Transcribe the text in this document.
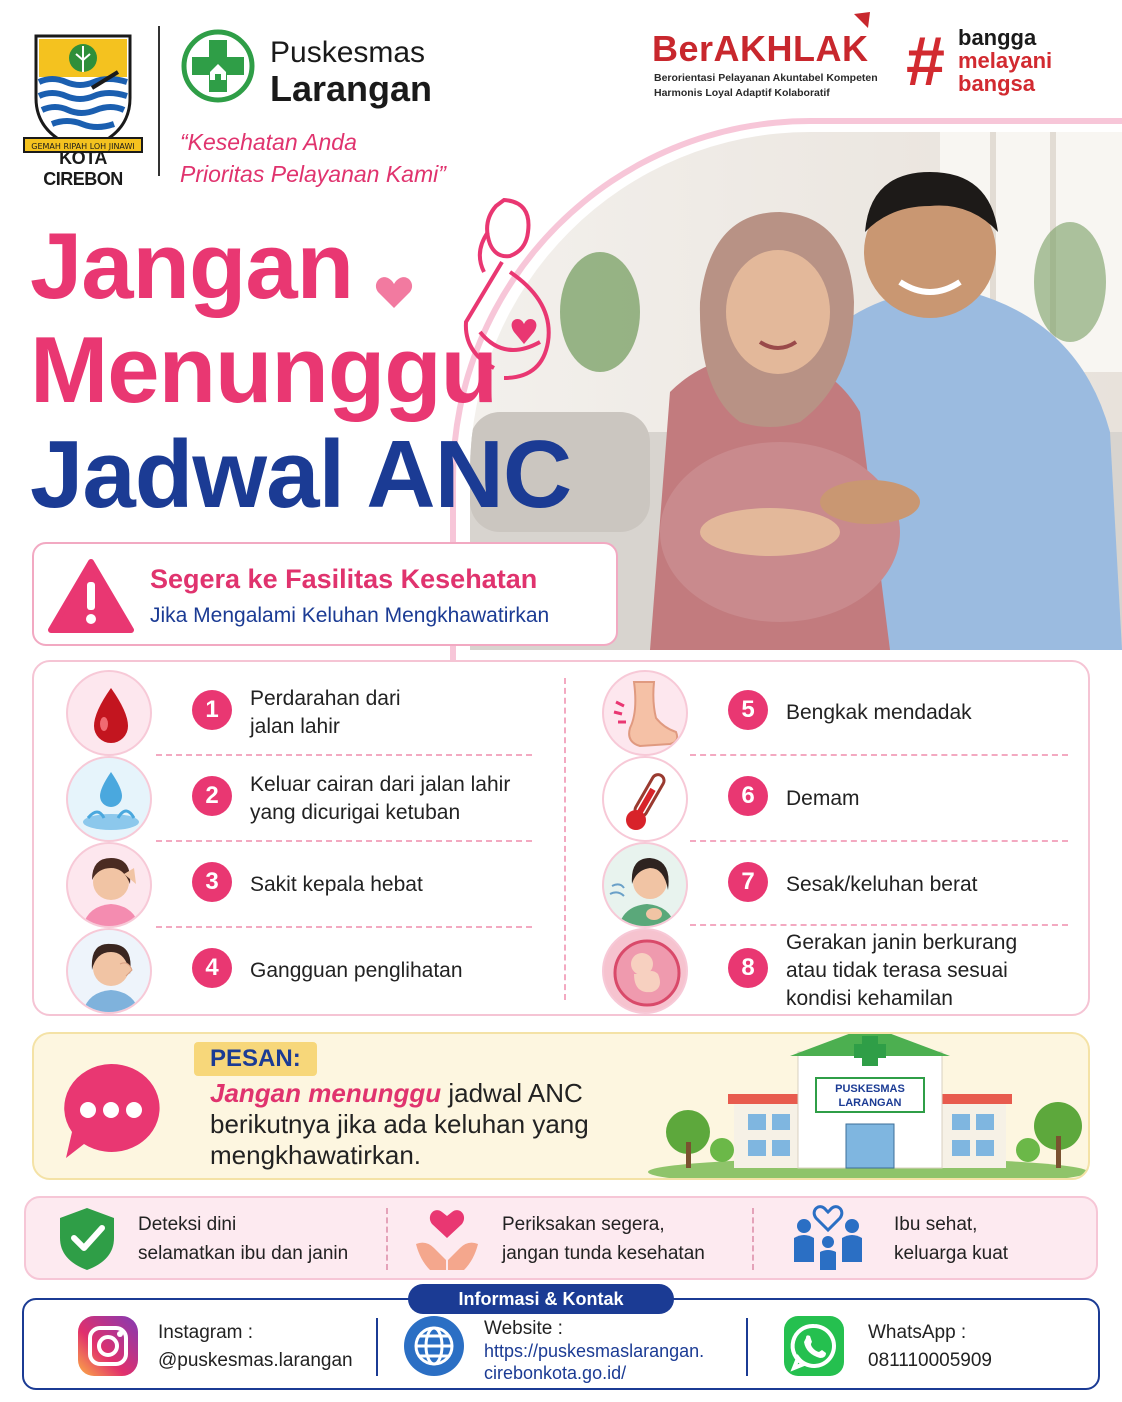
GEMAH RIPAH LOH JINAWI
KOTA CIREBON
Puskesmas
Larangan
“Kesehatan Anda
Prioritas Pelayanan Kami”
BerAKHLAK
Berorientasi Pelayanan Akuntabel Kompeten
Harmonis Loyal Adaptif Kolaboratif # bangga
melayani
bangsa
Jangan
Menunggu
Jadwal ANC
Segera ke Fasilitas Kesehatan
Jika Mengalami Keluhan Mengkhawatirkan
1	Perdarahan dari jalan lahir
2	Keluar cairan dari jalan lahir yang dicurigai ketuban
3	Sakit kepala hebat
4	Gangguan penglihatan
5	Bengkak mendadak
6	Demam
7	Sesak/keluhan berat
8
Gerakan janin berkurang atau tidak terasa sesuai kondisi kehamilan
PESAN:
Jangan menunggu jadwal ANC berikutnya jika ada keluhan yang mengkhawatirkan.
PUSKESMAS
LARANGAN
Deteksi dini
selamatkan ibu dan janin
Periksakan segera,
jangan tunda kesehatan
Ibu sehat,
keluarga kuat
Instagram :
@puskesmas.larangan
Website :
https://puskesmaslarangan.
cirebonkota.go.id/
WhatsApp :
081110005909
Informasi & Kontak
